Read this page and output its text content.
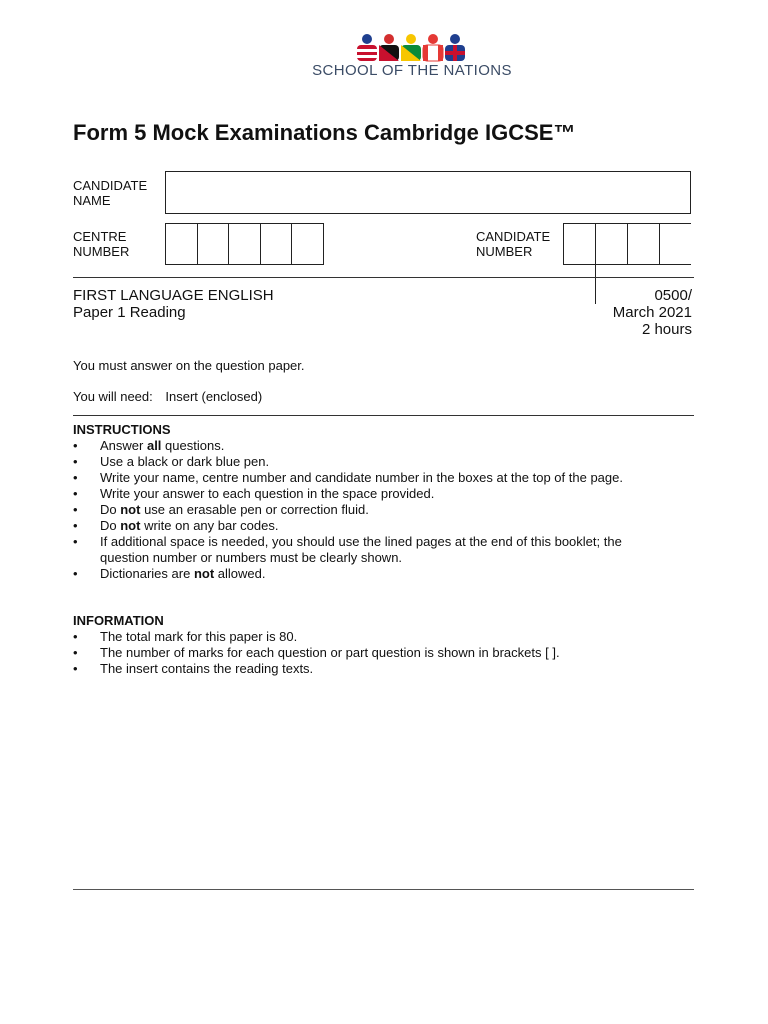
SCHOOL OF THE NATIONS
Form 5 Mock Examinations Cambridge IGCSE™
CANDIDATE NAME
CENTRE NUMBER
CANDIDATE NUMBER
FIRST LANGUAGE ENGLISH
Paper 1 Reading
0500/
March 2021
2 hours
You must answer on the question paper.
You will need: Insert (enclosed)
INSTRUCTIONS
• Answer all questions.
• Use a black or dark blue pen.
• Write your name, centre number and candidate number in the boxes at the top of the page.
• Write your answer to each question in the space provided.
• Do not use an erasable pen or correction fluid.
• Do not write on any bar codes.
• If additional space is needed, you should use the lined pages at the end of this booklet; the question number or numbers must be clearly shown.
• Dictionaries are not allowed.
INFORMATION
• The total mark for this paper is 80.
• The number of marks for each question or part question is shown in brackets [ ].
• The insert contains the reading texts.
